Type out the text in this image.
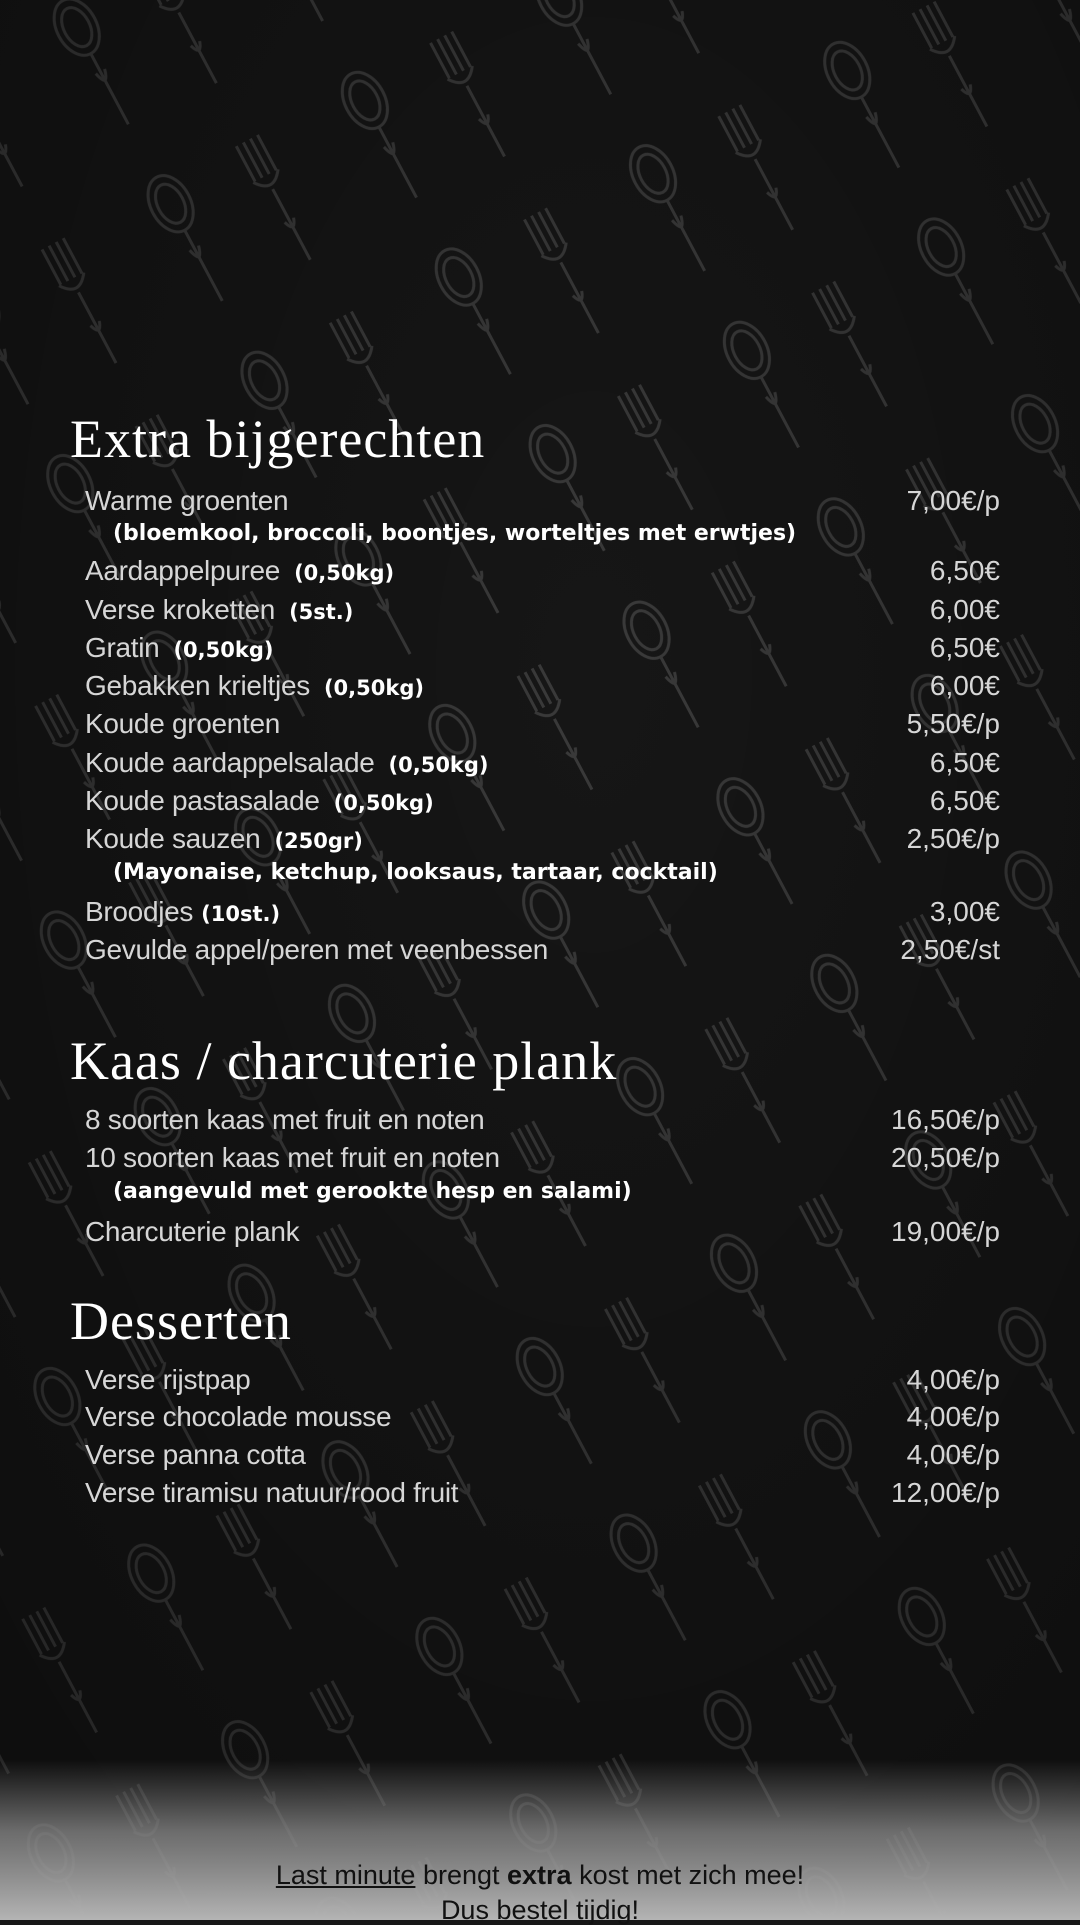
Extra bijgerechten
Warme groenten	7,00€/p
(bloemkool, broccoli, boontjes, worteltjes met erwtjes)
Aardappelpuree (0,50kg)	6,50€
Verse kroketten (5st.)	6,00€
Gratin (0,50kg)	6,50€
Gebakken krieltjes (0,50kg)	6,00€
Koude groenten	5,50€/p
Koude aardappelsalade (0,50kg)	6,50€
Koude pastasalade (0,50kg)	6,50€
Koude sauzen (250gr)	2,50€/p
(Mayonaise, ketchup, looksaus, tartaar, cocktail)
Broodjes (10st.)	3,00€
Gevulde appel/peren met veenbessen	2,50€/st
Kaas / charcuterie plank
8 soorten kaas met fruit en noten	16,50€/p
10 soorten kaas met fruit en noten	20,50€/p
(aangevuld met gerookte hesp en salami)
Charcuterie plank	19,00€/p
Desserten
Verse rijstpap	4,00€/p
Verse chocolade mousse	4,00€/p
Verse panna cotta	4,00€/p
Verse tiramisu natuur/rood fruit	12,00€/p
Last minute brengt extra kost met zich mee!
Dus bestel tijdig!
